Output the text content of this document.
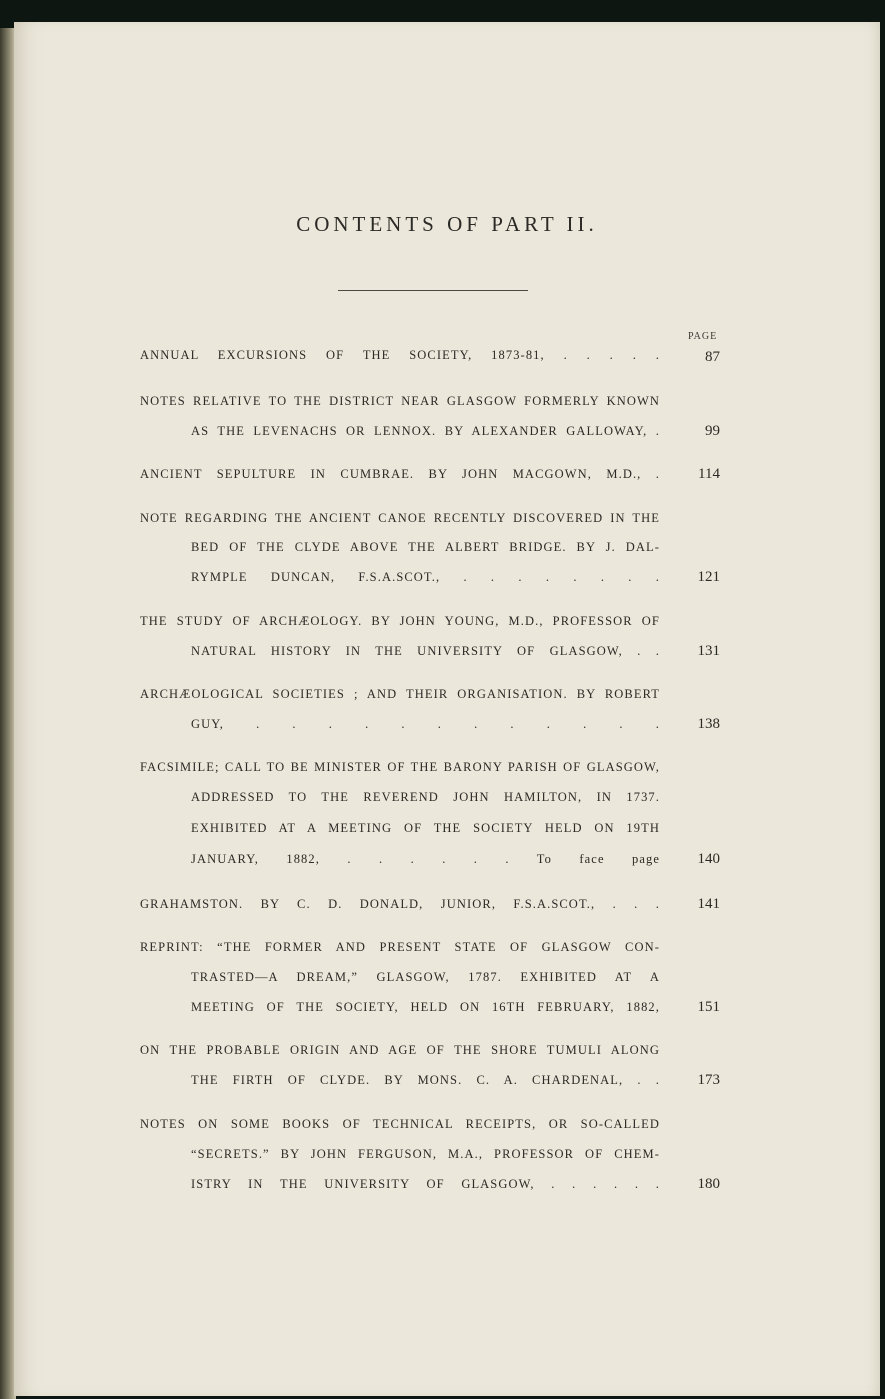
CONTENTS OF PART II.
PAGE
ANNUAL EXCURSIONS OF THE SOCIETY, 1873-81, . . . . .	87
NOTES RELATIVE TO THE DISTRICT NEAR GLASGOW FORMERLY KNOWN
AS THE LEVENACHS OR LENNOX. BY ALEXANDER GALLOWAY, .	99
ANCIENT SEPULTURE IN CUMBRAE. BY JOHN MACGOWN, M.D., .	114
NOTE REGARDING THE ANCIENT CANOE RECENTLY DISCOVERED IN THE
BED OF THE CLYDE ABOVE THE ALBERT BRIDGE. BY J. DAL-
RYMPLE DUNCAN, F.S.A.SCOT., . . . . . . . .	121
THE STUDY OF ARCHÆOLOGY. BY JOHN YOUNG, M.D., PROFESSOR OF
NATURAL HISTORY IN THE UNIVERSITY OF GLASGOW, . .	131
ARCHÆOLOGICAL SOCIETIES ; AND THEIR ORGANISATION. BY ROBERT
GUY, . . . . . . . . . . . .	138
FACSIMILE; CALL TO BE MINISTER OF THE BARONY PARISH OF GLASGOW,
ADDRESSED TO THE REVEREND JOHN HAMILTON, IN 1737.
EXHIBITED AT A MEETING OF THE SOCIETY HELD ON 19TH
JANUARY, 1882, . . . . . . To face page	140
GRAHAMSTON. BY C. D. DONALD, JUNIOR, F.S.A.SCOT., . . .	141
REPRINT: “THE FORMER AND PRESENT STATE OF GLASGOW CON-
TRASTED—A DREAM,” GLASGOW, 1787. EXHIBITED AT A
MEETING OF THE SOCIETY, HELD ON 16TH FEBRUARY, 1882,	151
ON THE PROBABLE ORIGIN AND AGE OF THE SHORE TUMULI ALONG
THE FIRTH OF CLYDE. BY MONS. C. A. CHARDENAL, . .	173
NOTES ON SOME BOOKS OF TECHNICAL RECEIPTS, OR SO-CALLED
“SECRETS.” BY JOHN FERGUSON, M.A., PROFESSOR OF CHEM-
ISTRY IN THE UNIVERSITY OF GLASGOW, . . . . . .	180
